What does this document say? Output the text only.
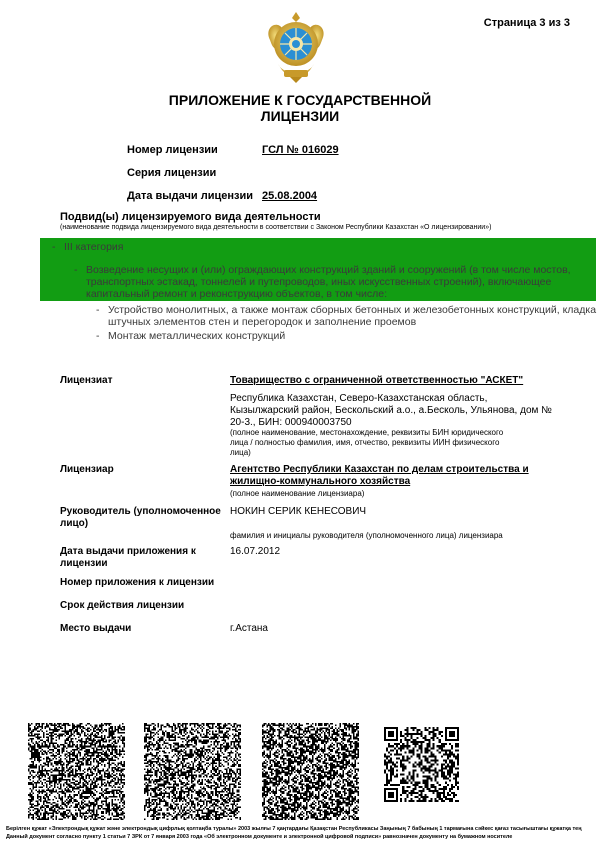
Страница 3 из 3
ПРИЛОЖЕНИЕ К ГОСУДАРСТВЕННОЙ
ЛИЦЕНЗИИ
Номер лицензии	ГСЛ № 016029
Серия лицензии
Дата выдачи лицензии 25.08.2004
Подвид(ы) лицензируемого вида деятельности
(наименование подвида лицензируемого вида деятельности в соответствии с Законом Республики Казахстан «О лицензировании»)
- III категория
- Возведение несущих и (или) ограждающих конструкций зданий и сооружений (в том числе мостов,
транспортных эстакад, тоннелей и путепроводов, иных искусственных строений), включающее
капитальный ремонт и реконструкцию объектов, в том числе:
- Устройство монолитных, а также монтаж сборных бетонных и железобетонных конструкций, кладка
штучных элементов стен и перегородок и заполнение проемов
- Монтаж металлических конструкций
Лицензиат	Товарищество с ограниченной ответственностью "АСКЕТ"
Республика Казахстан, Северо-Казахстанская область,
Кызылжарский район, Бескольский а.о., а.Бесколь, Ульянова, дом №
20-3., БИН: 000940003750
(полное наименование, местонахождение, реквизиты БИН юридического
лица / полностью фамилия, имя, отчество, реквизиты ИИН физического
лица)
Лицензиар	Агентство Республики Казахстан по делам строительства и
жилищно-коммунального хозяйства
(полное наименование лицензиара)
Руководитель (уполномоченное
лицо)
НОКИН СЕРИК КЕНЕСОВИЧ
фамилия и инициалы руководителя (уполномоченного лица) лицензиара
Дата выдачи приложения к
лицензии
16.07.2012
Номер приложения к лицензии
Срок действия лицензии
Место выдачи	г.Астана
Берілген құжат «Электрондық құжат және электрондық цифрлық қолтаңба туралы» 2003 жылғы 7 қаңтардағы Қазақстан Республикасы Заңының 7 бабының 1 тармағына сәйкес қағаз тасығыштағы құжатқа тең
Данный документ согласно пункту 1 статьи 7 ЗРК от 7 января 2003 года «Об электронном документе и электронной цифровой подписи» равнозначен документу на бумажном носителе
